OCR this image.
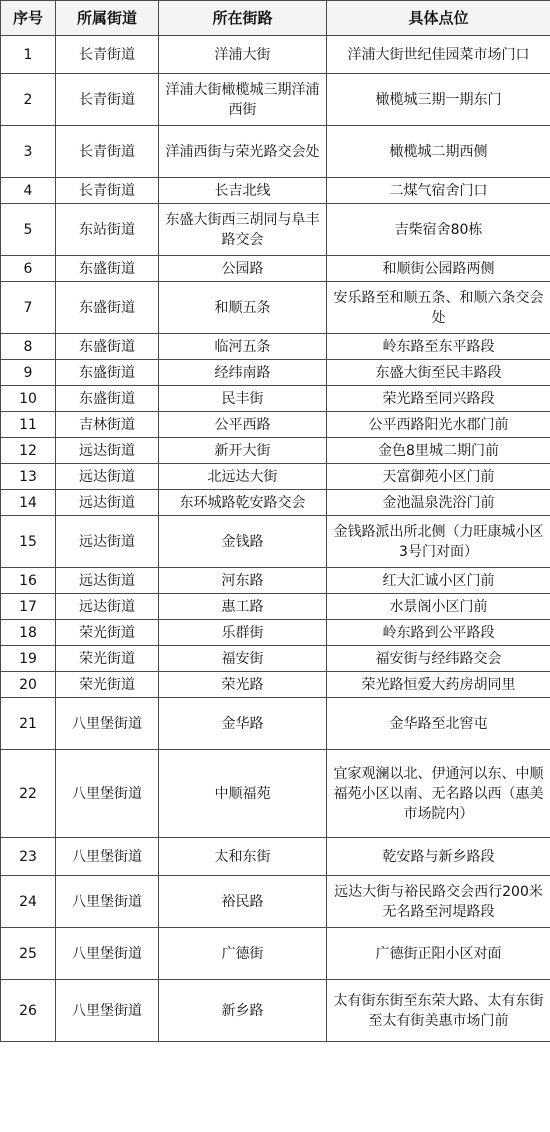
序号	所属街道	所在街路	具体点位
1	长青街道	洋浦大街	洋浦大街世纪佳园菜市场门口
2	长青街道	洋浦大街橄榄城三期洋浦西街	橄榄城三期一期东门
3	长青街道	洋浦西街与荣光路交会处	橄榄城二期西侧
4	长青街道	长吉北线	二煤气宿舍门口
5	东站街道	东盛大街西三胡同与阜丰路交会	吉柴宿舍80栋
6	东盛街道	公园路	和顺街公园路两侧
7	东盛街道	和顺五条	安乐路至和顺五条、和顺六条交会处
8	东盛街道	临河五条	岭东路至东平路段
9	东盛街道	经纬南路	东盛大街至民丰路段
10	东盛街道	民丰街	荣光路至同兴路段
11	吉林街道	公平西路	公平西路阳光水郡门前
12	远达街道	新开大街	金色8里城二期门前
13	远达街道	北远达大街	天富御苑小区门前
14	远达街道	东环城路乾安路交会	金池温泉洗浴门前
15	远达街道	金钱路	金钱路派出所北侧（力旺康城小区3号门对面）
16	远达街道	河东路	红大汇诚小区门前
17	远达街道	惠工路	水景阁小区门前
18	荣光街道	乐群街	岭东路到公平路段
19	荣光街道	福安街	福安街与经纬路交会
20	荣光街道	荣光路	荣光路恒爱大药房胡同里
21	八里堡街道	金华路	金华路至北窖屯
22	八里堡街道	中顺福苑	宜家观澜以北、伊通河以东、中顺福苑小区以南、无名路以西（惠美市场院内）
23	八里堡街道	太和东街	乾安路与新乡路段
24	八里堡街道	裕民路	远达大街与裕民路交会西行200米无名路至河堤路段
25	八里堡街道	广德街	广德街正阳小区对面
26	八里堡街道	新乡路	太有街东街至东荣大路、太有东街至太有街美惠市场门前
